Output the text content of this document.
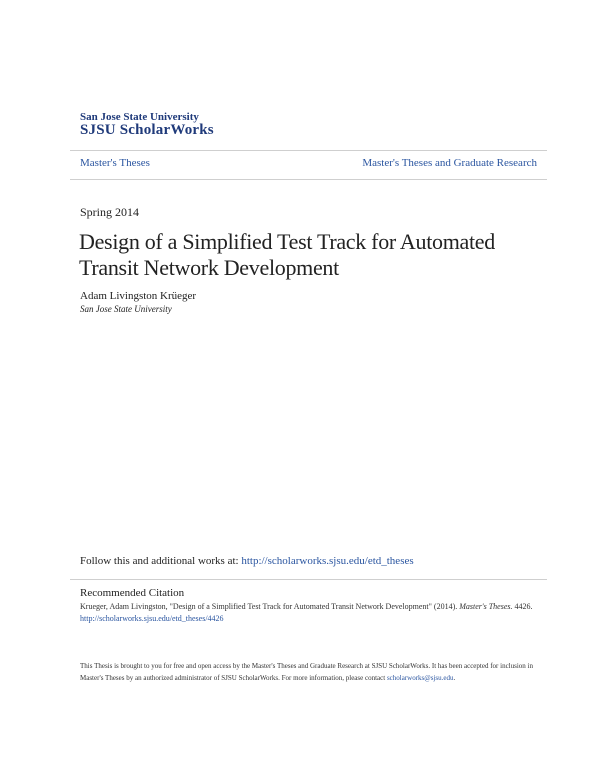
San Jose State University
SJSU ScholarWorks
Master's Theses	Master's Theses and Graduate Research
Spring 2014
Design of a Simplified Test Track for Automated Transit Network Development
Adam Livingston Krüeger
San Jose State University
Follow this and additional works at: http://scholarworks.sjsu.edu/etd_theses
Recommended Citation
Krueger, Adam Livingston, "Design of a Simplified Test Track for Automated Transit Network Development" (2014). Master's Theses. 4426.
http://scholarworks.sjsu.edu/etd_theses/4426
This Thesis is brought to you for free and open access by the Master's Theses and Graduate Research at SJSU ScholarWorks. It has been accepted for inclusion in Master's Theses by an authorized administrator of SJSU ScholarWorks. For more information, please contact scholarworks@sjsu.edu.
